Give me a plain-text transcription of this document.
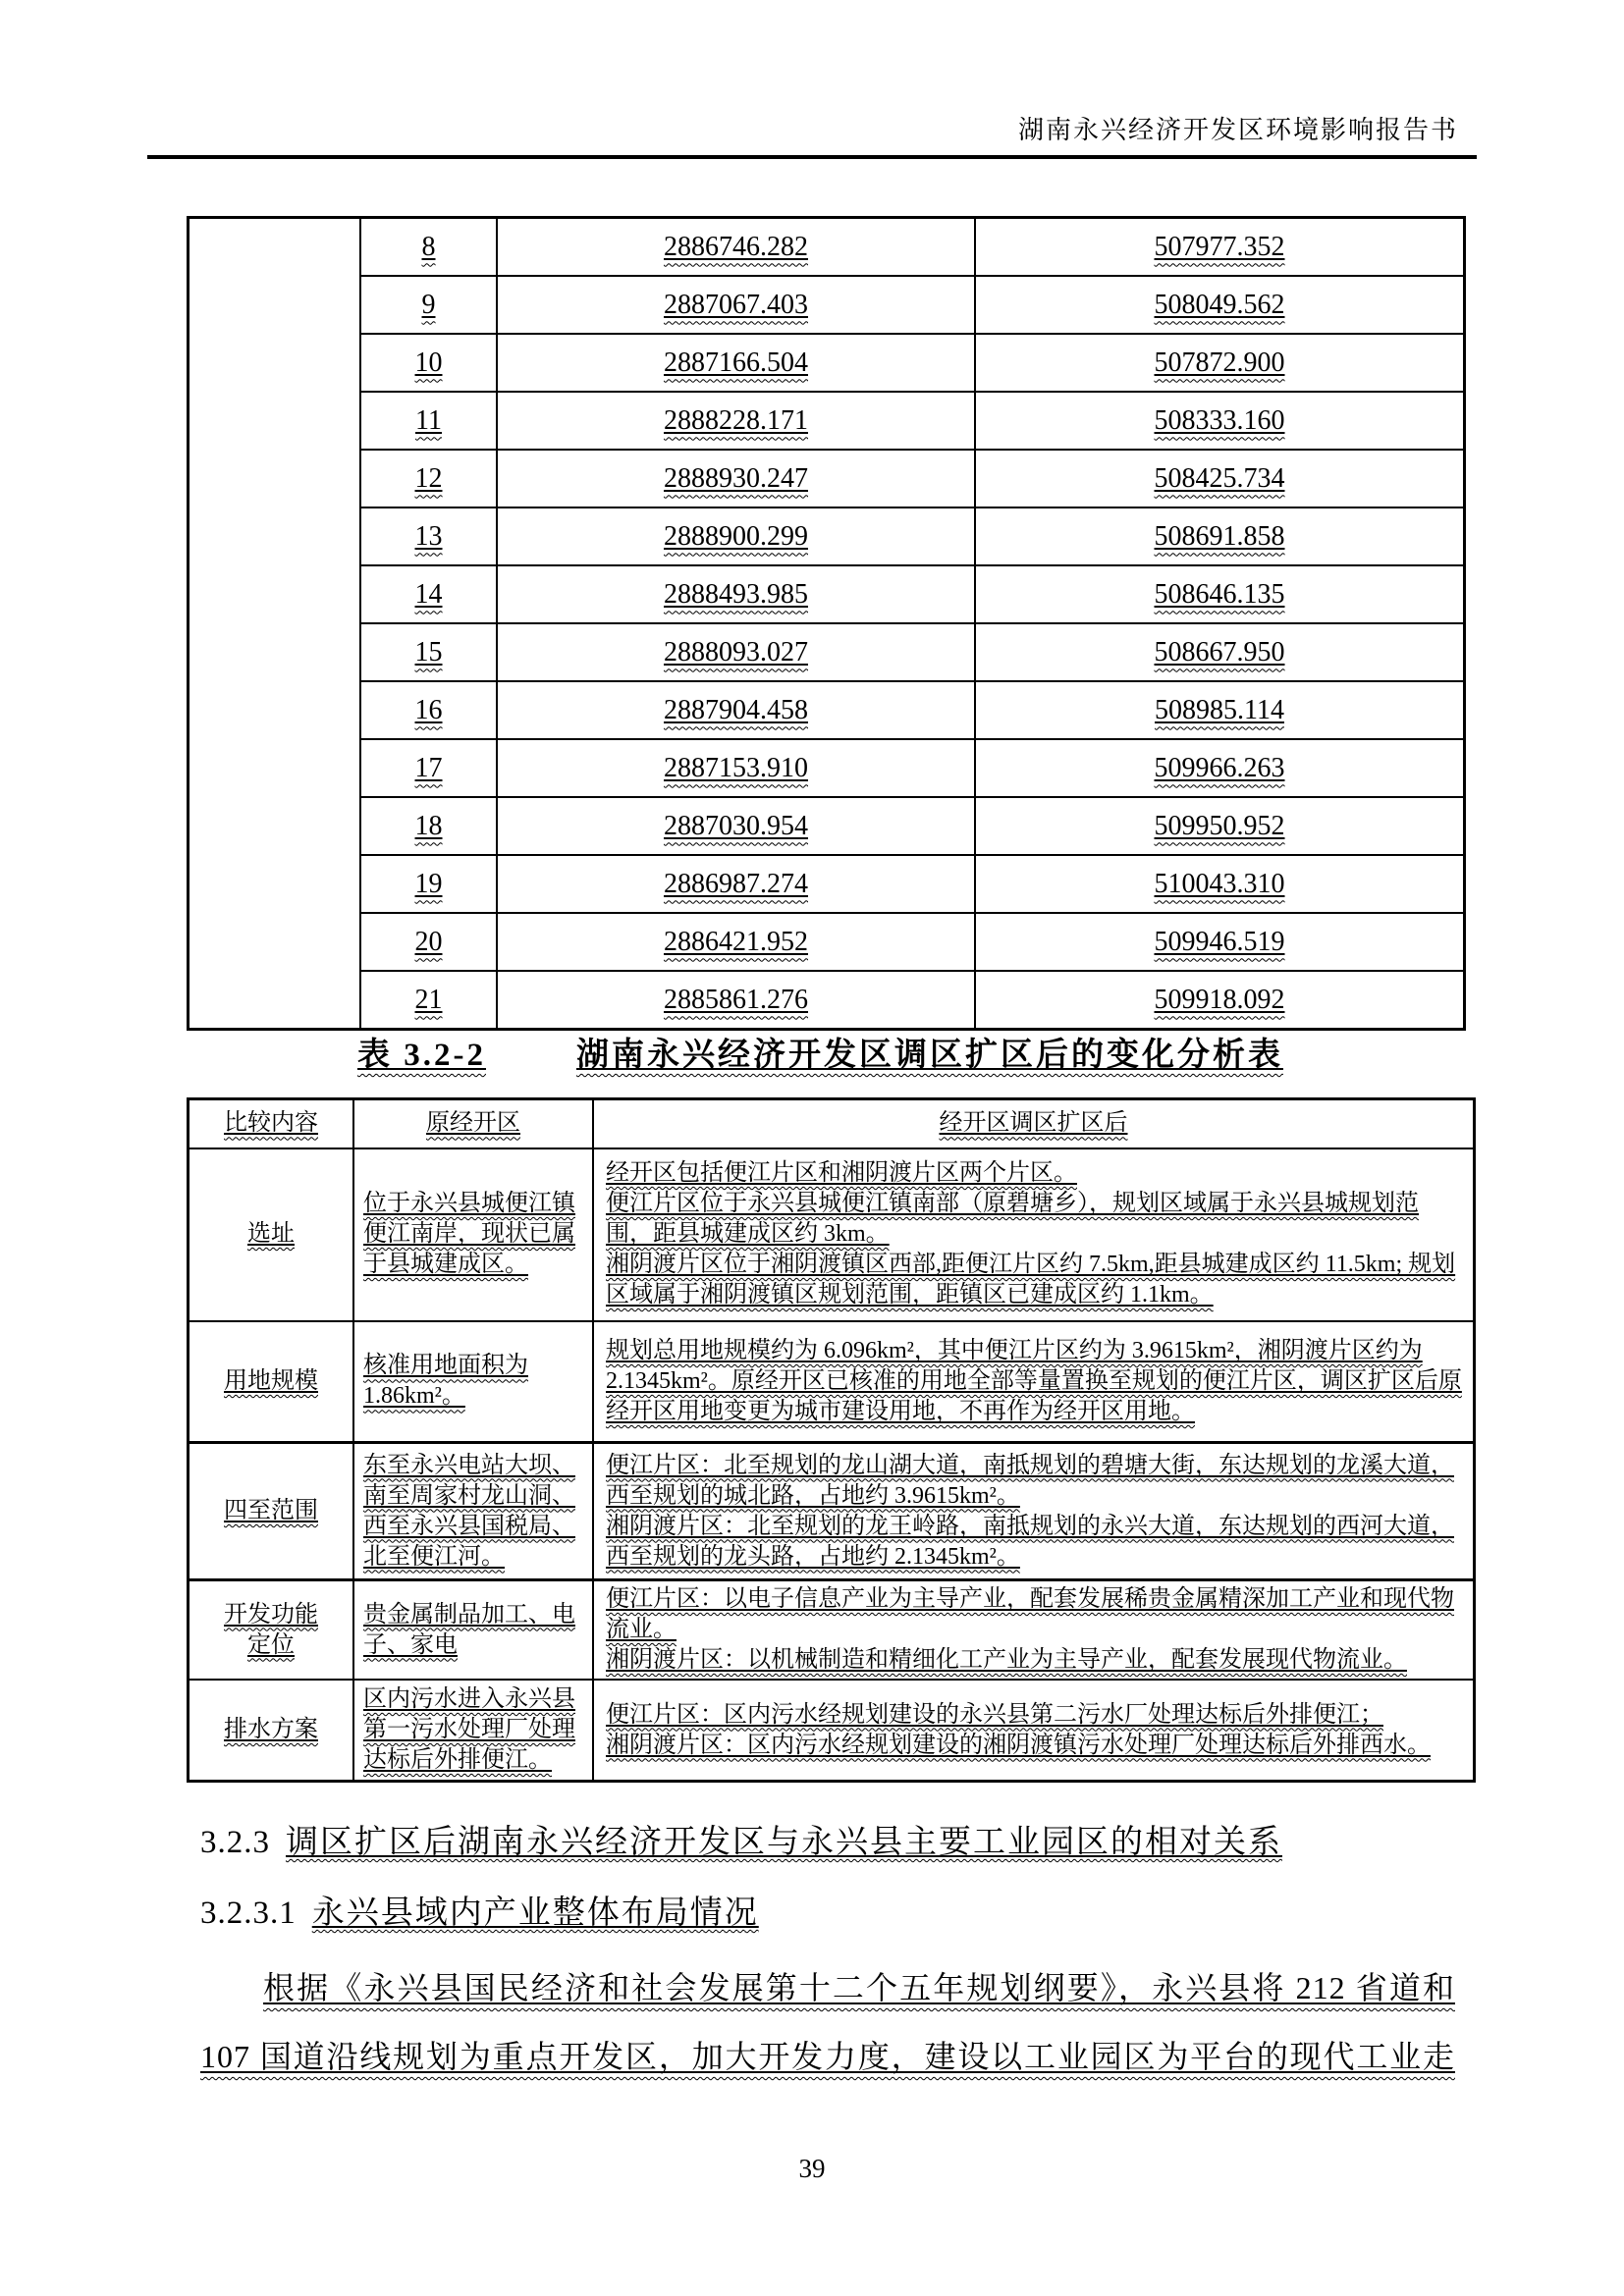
湖南永兴经济开发区环境影响报告书
	8	2886746.282	507977.352
	9	2887067.403	508049.562
	10	2887166.504	507872.900
	11	2888228.171	508333.160
	12	2888930.247	508425.734
	13	2888900.299	508691.858
	14	2888493.985	508646.135
	15	2888093.027	508667.950
	16	2887904.458	508985.114
	17	2887153.910	509966.263
	18	2887030.954	509950.952
	19	2886987.274	510043.310
	20	2886421.952	509946.519
	21	2885861.276	509918.092
表 3.2-2	湖南永兴经济开发区调区扩区后的变化分析表
比较内容	原经开区	经开区调区扩区后
选址	位于永兴县城便江镇便江南岸，现状已属于县城建成区。	经开区包括便江片区和湘阴渡片区两个片区。
便江片区位于永兴县城便江镇南部（原碧塘乡），规划区域属于永兴县城规划范围，距县城建成区约 3km。
湘阴渡片区位于湘阴渡镇区西部,距便江片区约 7.5km,距县城建成区约 11.5km; 规划区域属于湘阴渡镇区规划范围，距镇区已建成区约 1.1km。

用地规模	核准用地面积为 1.86km²。	规划总用地规模约为 6.096km²，其中便江片区约为 3.9615km²，湘阴渡片区约为 2.1345km²。原经开区已核准的用地全部等量置换至规划的便江片区，调区扩区后原经开区用地变更为城市建设用地，不再作为经开区用地。

四至范围	东至永兴电站大坝、南至周家村龙山洞、西至永兴县国税局、北至便江河。	便江片区：北至规划的龙山湖大道，南抵规划的碧塘大街，东达规划的龙溪大道，西至规划的城北路，占地约 3.9615km²。
湘阴渡片区：北至规划的龙王岭路，南抵规划的永兴大道，东达规划的西河大道，西至规划的龙头路，占地约 2.1345km²。

开发功能定位	贵金属制品加工、电子、家电	便江片区：以电子信息产业为主导产业，配套发展稀贵金属精深加工产业和现代物流业。
湘阴渡片区：以机械制造和精细化工产业为主导产业，配套发展现代物流业。

排水方案	区内污水进入永兴县第一污水处理厂处理达标后外排便江。	便江片区：区内污水经规划建设的永兴县第二污水厂处理达标后外排便江；
湘阴渡片区：区内污水经规划建设的湘阴渡镇污水处理厂处理达标后外排西水。
3.2.3 调区扩区后湖南永兴经济开发区与永兴县主要工业园区的相对关系
3.2.3.1 永兴县域内产业整体布局情况
根据《永兴县国民经济和社会发展第十二个五年规划纲要》，永兴县将 212 省道和
107 国道沿线规划为重点开发区，加大开发力度，建设以工业园区为平台的现代工业走
39
